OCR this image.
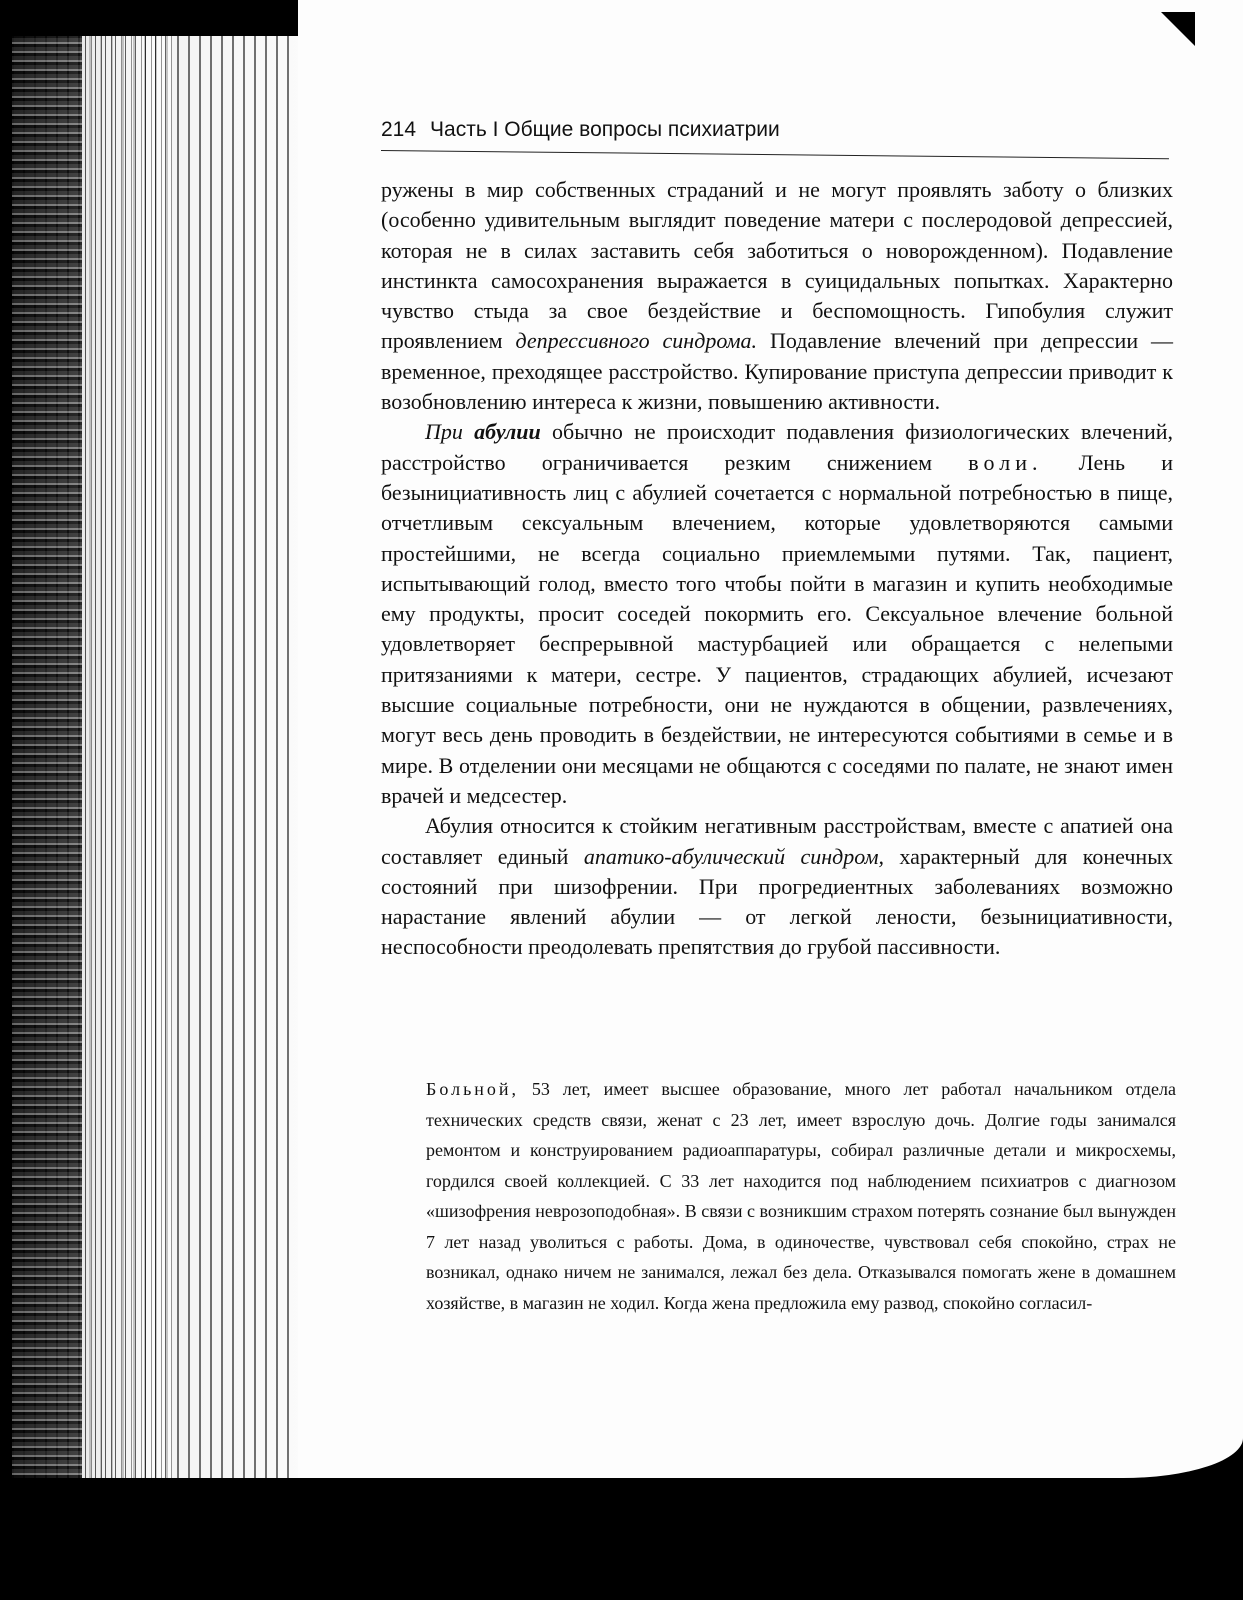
214 Часть I Общие вопросы психиатрии

ружены в мир собственных страданий и не могут проявлять заботу о близких (особенно удивительным выглядит поведение матери с послеродовой депрессией, которая не в силах заставить себя заботиться о новорожденном). Подавление инстинкта самосохранения выражается в суицидальных попытках. Характерно чувство стыда за свое бездействие и беспомощность. Гипобулия служит проявлением депрессивного синдрома. Подавление влечений при депрессии — временное, преходящее расстройство. Купирование приступа депрессии приводит к возобновлению интереса к жизни, повышению активности.

При абулии обычно не происходит подавления физиологических влечений, расстройство ограничивается резким снижением воли. Лень и безынициативность лиц с абулией сочетается с нормальной потребностью в пище, отчетливым сексуальным влечением, которые удовлетворяются самыми простейшими, не всегда социально приемлемыми путями. Так, пациент, испытывающий голод, вместо того чтобы пойти в магазин и купить необходимые ему продукты, просит соседей покормить его. Сексуальное влечение больной удовлетворяет беспрерывной мастурбацией или обращается с нелепыми притязаниями к матери, сестре. У пациентов, страдающих абулией, исчезают высшие социальные потребности, они не нуждаются в общении, развлечениях, могут весь день проводить в бездействии, не интересуются событиями в семье и в мире. В отделении они месяцами не общаются с соседями по палате, не знают имен врачей и медсестер.

Абулия относится к стойким негативным расстройствам, вместе с апатией она составляет единый апатико-абулический синдром, характерный для конечных состояний при шизофрении. При прогредиентных заболеваниях возможно нарастание явлений абулии — от легкой лености, безынициативности, неспособности преодолевать препятствия до грубой пассивности.

Больной, 53 лет, имеет высшее образование, много лет работал начальником отдела технических средств связи, женат с 23 лет, имеет взрослую дочь. Долгие годы занимался ремонтом и конструированием радиоаппаратуры, собирал различные детали и микросхемы, гордился своей коллекцией. С 33 лет находится под наблюдением психиатров с диагнозом «шизофрения неврозоподобная». В связи с возникшим страхом потерять сознание был вынужден 7 лет назад уволиться с работы. Дома, в одиночестве, чувствовал себя спокойно, страх не возникал, однако ничем не занимался, лежал без дела. Отказывался помогать жене в домашнем хозяйстве, в магазин не ходил. Когда жена предложила ему развод, спокойно согласил-
